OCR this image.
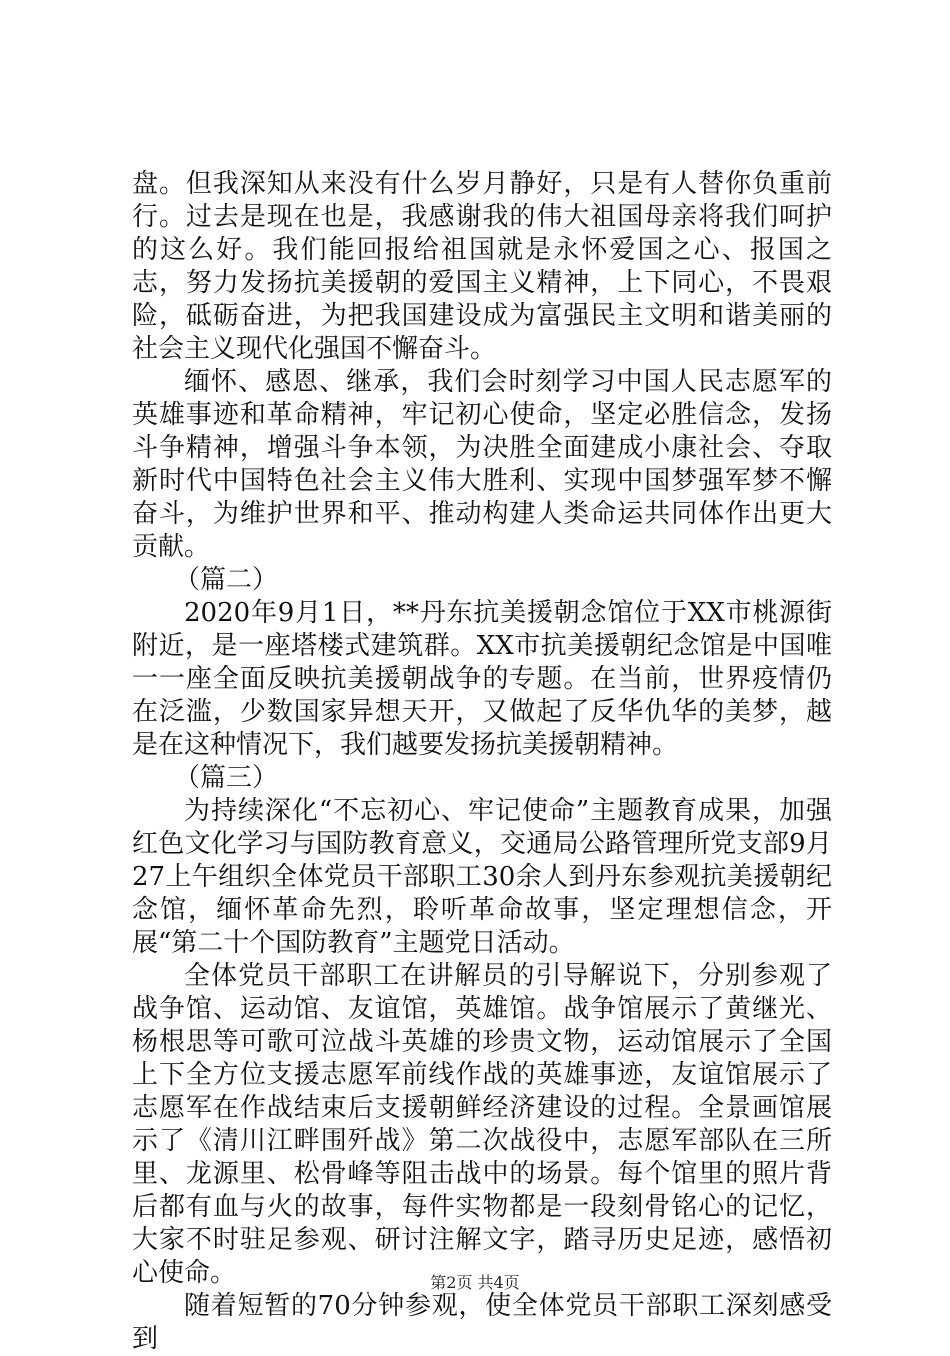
盘。但我深知从来没有什么岁月静好，只是有人替你负重前行。过去是现在也是，我感谢我的伟大祖国母亲将我们呵护的这么好。我们能回报给祖国就是永怀爱国之心、报国之志，努力发扬抗美援朝的爱国主义精神，上下同心，不畏艰险，砥砺奋进，为把我国建设成为富强民主文明和谐美丽的社会主义现代化强国不懈奋斗。

缅怀、感恩、继承，我们会时刻学习中国人民志愿军的英雄事迹和革命精神，牢记初心使命，坚定必胜信念，发扬斗争精神，增强斗争本领，为决胜全面建成小康社会、夺取新时代中国特色社会主义伟大胜利、实现中国梦强军梦不懈奋斗，为维护世界和平、推动构建人类命运共同体作出更大贡献。

（篇二）

2020年9月1日，**丹东抗美援朝念馆位于XX市桃源街附近，是一座塔楼式建筑群。XX市抗美援朝纪念馆是中国唯一一座全面反映抗美援朝战争的专题。在当前，世界疫情仍在泛滥，少数国家异想天开，又做起了反华仇华的美梦，越是在这种情况下，我们越要发扬抗美援朝精神。

（篇三）

为持续深化“不忘初心、牢记使命”主题教育成果，加强红色文化学习与国防教育意义，交通局公路管理所党支部9月27上午组织全体党员干部职工30余人到丹东参观抗美援朝纪念馆，缅怀革命先烈，聆听革命故事，坚定理想信念，开展“第二十个国防教育”主题党日活动。

全体党员干部职工在讲解员的引导解说下，分别参观了战争馆、运动馆、友谊馆，英雄馆。战争馆展示了黄继光、杨根思等可歌可泣战斗英雄的珍贵文物，运动馆展示了全国上下全方位支援志愿军前线作战的英雄事迹，友谊馆展示了志愿军在作战结束后支援朝鲜经济建设的过程。全景画馆展示了《清川江畔围歼战》第二次战役中，志愿军部队在三所里、龙源里、松骨峰等阻击战中的场景。每个馆里的照片背后都有血与火的故事，每件实物都是一段刻骨铭心的记忆，大家不时驻足参观、研讨注解文字，踏寻历史足迹，感悟初心使命。

随着短暂的70分钟参观，使全体党员干部职工深刻感受到

第2页 共4页
